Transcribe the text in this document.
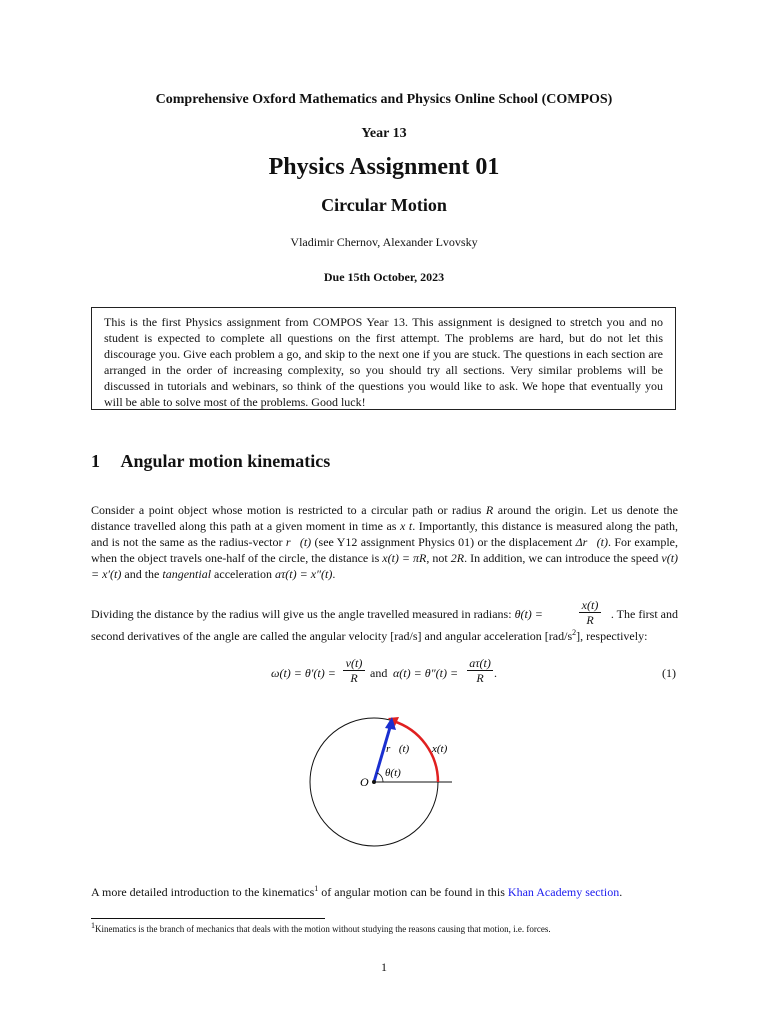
Comprehensive Oxford Mathematics and Physics Online School (COMPOS)
Year 13
Physics Assignment 01
Circular Motion
Vladimir Chernov, Alexander Lvovsky
Due 15th October, 2023
This is the first Physics assignment from COMPOS Year 13. This assignment is designed to stretch you and no student is expected to complete all questions on the first attempt. The problems are hard, but do not let this discourage you. Give each problem a go, and skip to the next one if you are stuck. The questions in each section are arranged in the order of increasing complexity, so you should try all sections. Very similar problems will be discussed in tutorials and webinars, so think of the questions you would like to ask. We hope that eventually you will be able to solve most of the problems. Good luck!
1 Angular motion kinematics
Consider a point object whose motion is restricted to a circular path or radius R around the origin. Let us denote the distance travelled along this path at a given moment in time as x t. Importantly, this distance is measured along the path, and is not the same as the radius-vector r⃗(t) (see Y12 assignment Physics 01) or the displacement Δr⃗(t). For example, when the object travels one-half of the circle, the distance is x(t) = πR, not 2R. In addition, we can introduce the speed v(t) = x′(t) and the tangential acceleration aτ(t) = x″(t).
Dividing the distance by the radius will give us the angle travelled measured in radians: θ(t) =	$\frac{x(t)}{R}$ . The first and
second derivatives of the angle are called the angular velocity [rad/s] and angular acceleration $[rad/s^2]$, respectively:
$\omega(t) = \theta'(t) = \frac{v(t)}{R}$ and $\alpha(t) = \theta''(t) = \frac{a\tau(t)}{R}$ .	(1)
r⃗(t) x(t)
θ(t)
O
A more detailed introduction to the kinematics$^1$ of angular motion can be found in this Khan Academy section.
$^1$Kinematics is the branch of mechanics that deals with the motion without studying the reasons causing that motion, i.e. forces.
1
